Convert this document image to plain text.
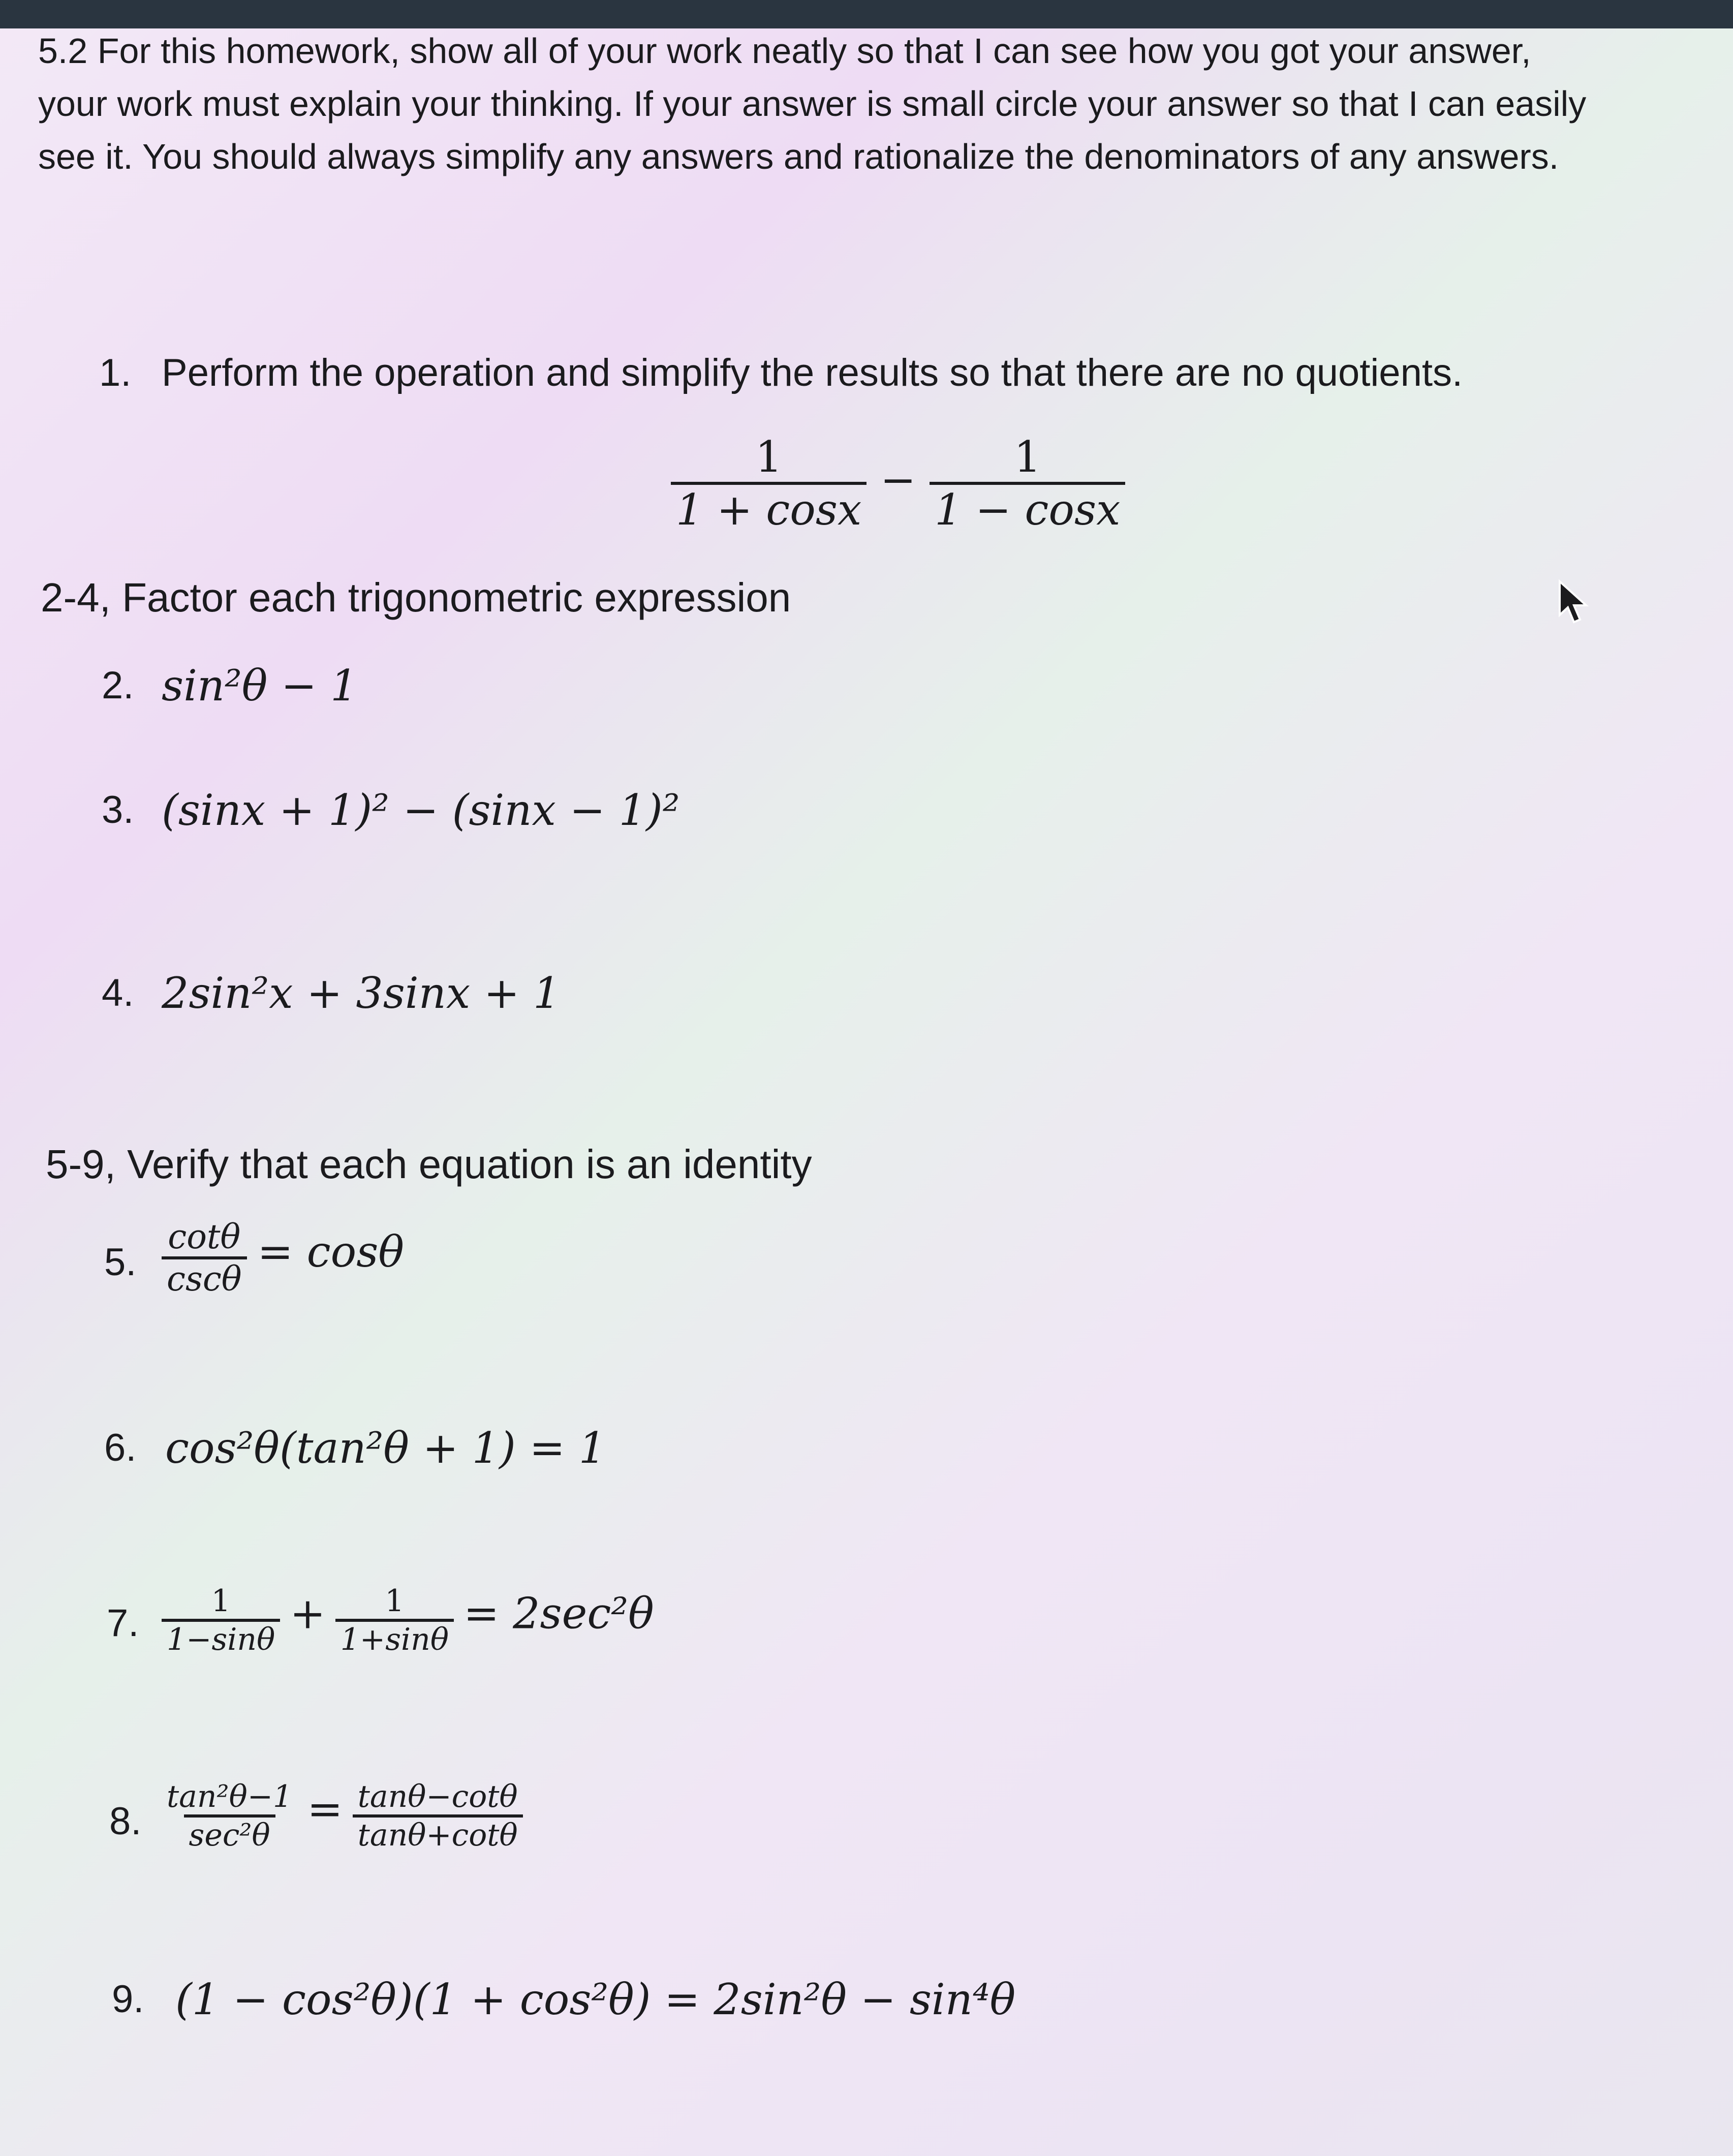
5.2 For this homework, show all of your work neatly so that I can see how you got your answer, your work must explain your thinking. If your answer is small circle your answer so that I can easily see it. You should always simplify any answers and rationalize the denominators of any answers.
1. Perform the operation and simplify the results so that there are no quotients.
$\frac{1}{1 + \cos x} - \frac{1}{1 - \cos x}$
2-4, Factor each trigonometric expression
2. sin²θ − 1
3. (sinx + 1)² − (sinx − 1)²
4. 2sin²x + 3sinx + 1
5-9, Verify that each equation is an identity
5. $\frac{\cot\theta}{\csc\theta} = \cos\theta$
6. cos²θ(tan²θ + 1) = 1
7. $\frac{1}{1-\sin\theta} + \frac{1}{1+\sin\theta} = 2\sec^2\theta$
8. $\frac{\text{tan²θ−1}}{\text{sec²θ}} = \frac{\tan\theta-\cot\theta}{\tan\theta+\cot\theta}$
9. (1 − cos²θ)(1 + cos²θ) = 2sin²θ − sin⁴θ
